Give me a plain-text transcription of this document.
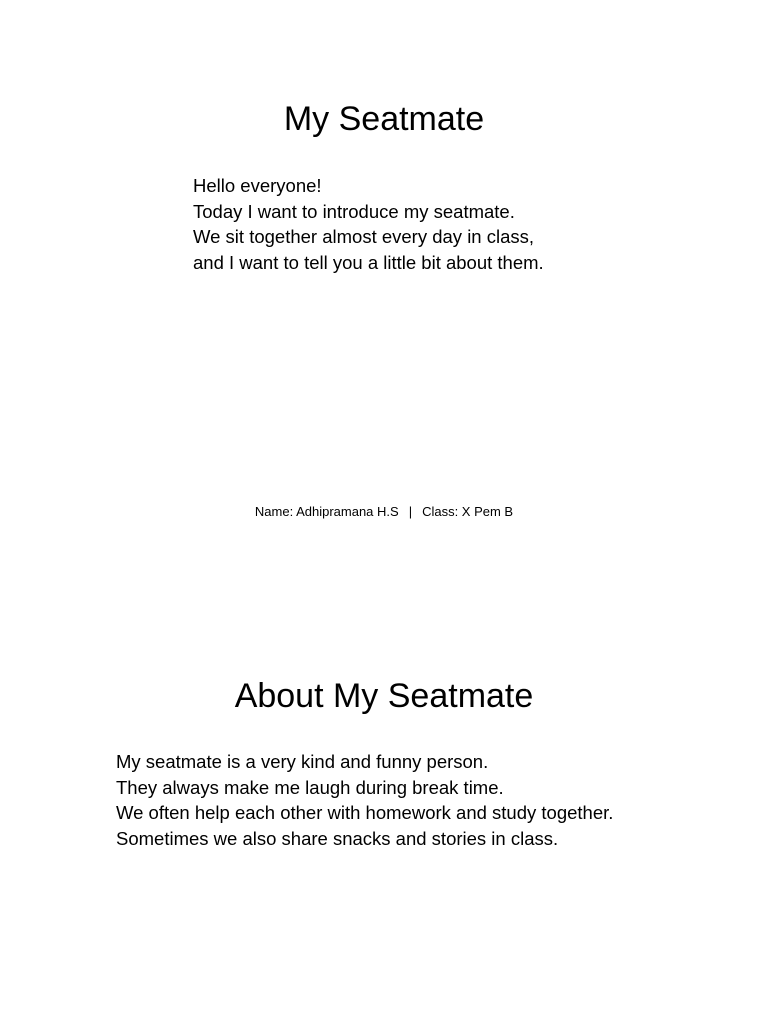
My Seatmate
Hello everyone!
Today I want to introduce my seatmate.
We sit together almost every day in class,
and I want to tell you a little bit about them.
Name: Adhipramana H.S | Class: X Pem B
About My Seatmate
My seatmate is a very kind and funny person.
They always make me laugh during break time.
We often help each other with homework and study together.
Sometimes we also share snacks and stories in class.
